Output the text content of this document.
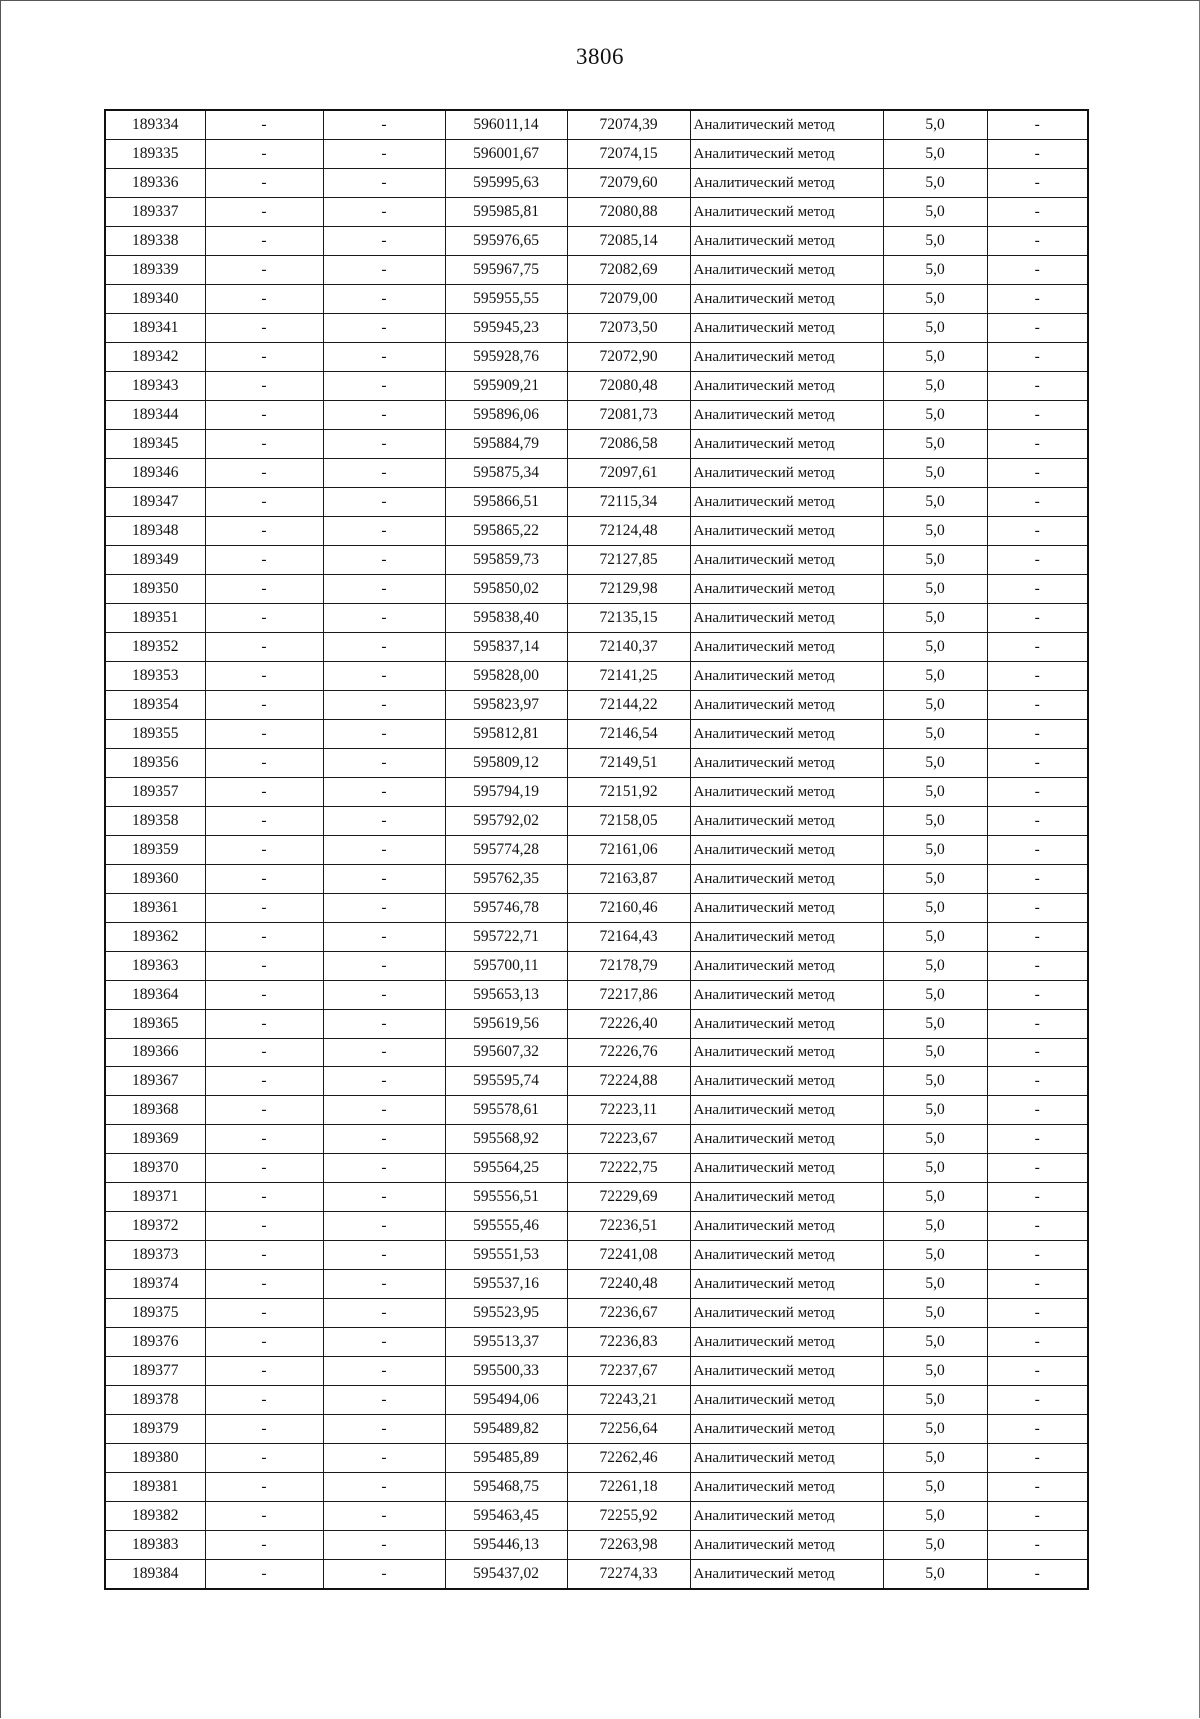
3806
189334	-	-	596011,14	72074,39	Аналитический метод	5,0	-
189335	-	-	596001,67	72074,15	Аналитический метод	5,0	-
189336	-	-	595995,63	72079,60	Аналитический метод	5,0	-
189337	-	-	595985,81	72080,88	Аналитический метод	5,0	-
189338	-	-	595976,65	72085,14	Аналитический метод	5,0	-
189339	-	-	595967,75	72082,69	Аналитический метод	5,0	-
189340	-	-	595955,55	72079,00	Аналитический метод	5,0	-
189341	-	-	595945,23	72073,50	Аналитический метод	5,0	-
189342	-	-	595928,76	72072,90	Аналитический метод	5,0	-
189343	-	-	595909,21	72080,48	Аналитический метод	5,0	-
189344	-	-	595896,06	72081,73	Аналитический метод	5,0	-
189345	-	-	595884,79	72086,58	Аналитический метод	5,0	-
189346	-	-	595875,34	72097,61	Аналитический метод	5,0	-
189347	-	-	595866,51	72115,34	Аналитический метод	5,0	-
189348	-	-	595865,22	72124,48	Аналитический метод	5,0	-
189349	-	-	595859,73	72127,85	Аналитический метод	5,0	-
189350	-	-	595850,02	72129,98	Аналитический метод	5,0	-
189351	-	-	595838,40	72135,15	Аналитический метод	5,0	-
189352	-	-	595837,14	72140,37	Аналитический метод	5,0	-
189353	-	-	595828,00	72141,25	Аналитический метод	5,0	-
189354	-	-	595823,97	72144,22	Аналитический метод	5,0	-
189355	-	-	595812,81	72146,54	Аналитический метод	5,0	-
189356	-	-	595809,12	72149,51	Аналитический метод	5,0	-
189357	-	-	595794,19	72151,92	Аналитический метод	5,0	-
189358	-	-	595792,02	72158,05	Аналитический метод	5,0	-
189359	-	-	595774,28	72161,06	Аналитический метод	5,0	-
189360	-	-	595762,35	72163,87	Аналитический метод	5,0	-
189361	-	-	595746,78	72160,46	Аналитический метод	5,0	-
189362	-	-	595722,71	72164,43	Аналитический метод	5,0	-
189363	-	-	595700,11	72178,79	Аналитический метод	5,0	-
189364	-	-	595653,13	72217,86	Аналитический метод	5,0	-
189365	-	-	595619,56	72226,40	Аналитический метод	5,0	-
189366	-	-	595607,32	72226,76	Аналитический метод	5,0	-
189367	-	-	595595,74	72224,88	Аналитический метод	5,0	-
189368	-	-	595578,61	72223,11	Аналитический метод	5,0	-
189369	-	-	595568,92	72223,67	Аналитический метод	5,0	-
189370	-	-	595564,25	72222,75	Аналитический метод	5,0	-
189371	-	-	595556,51	72229,69	Аналитический метод	5,0	-
189372	-	-	595555,46	72236,51	Аналитический метод	5,0	-
189373	-	-	595551,53	72241,08	Аналитический метод	5,0	-
189374	-	-	595537,16	72240,48	Аналитический метод	5,0	-
189375	-	-	595523,95	72236,67	Аналитический метод	5,0	-
189376	-	-	595513,37	72236,83	Аналитический метод	5,0	-
189377	-	-	595500,33	72237,67	Аналитический метод	5,0	-
189378	-	-	595494,06	72243,21	Аналитический метод	5,0	-
189379	-	-	595489,82	72256,64	Аналитический метод	5,0	-
189380	-	-	595485,89	72262,46	Аналитический метод	5,0	-
189381	-	-	595468,75	72261,18	Аналитический метод	5,0	-
189382	-	-	595463,45	72255,92	Аналитический метод	5,0	-
189383	-	-	595446,13	72263,98	Аналитический метод	5,0	-
189384	-	-	595437,02	72274,33	Аналитический метод	5,0	-
